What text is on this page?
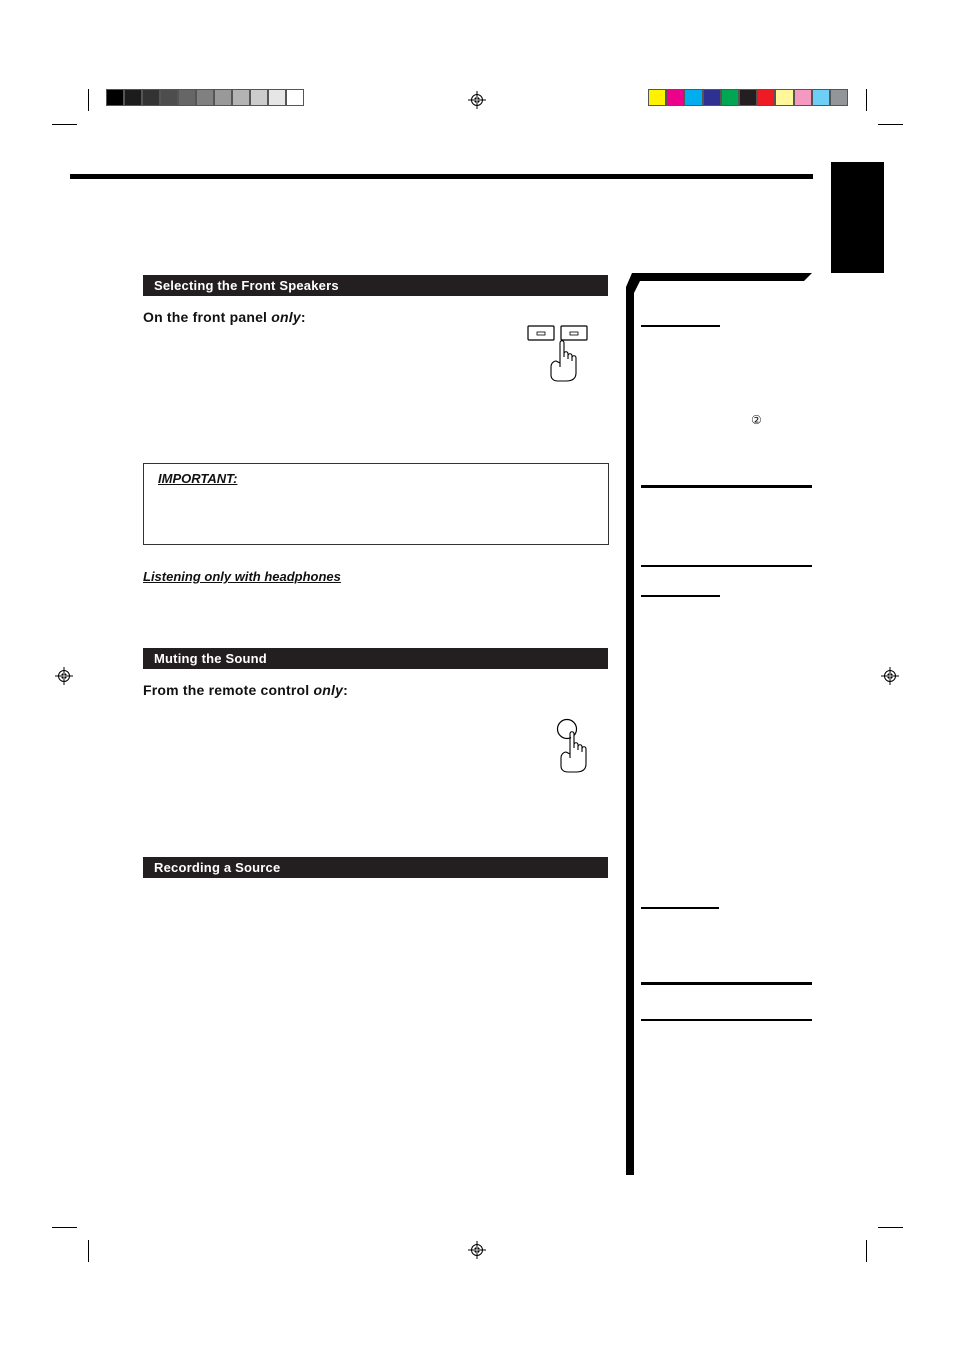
Selecting the Front Speakers
On the front panel only:
IMPORTANT:
Listening only with headphones
Muting the Sound
From the remote control only:
Recording a Source
②
